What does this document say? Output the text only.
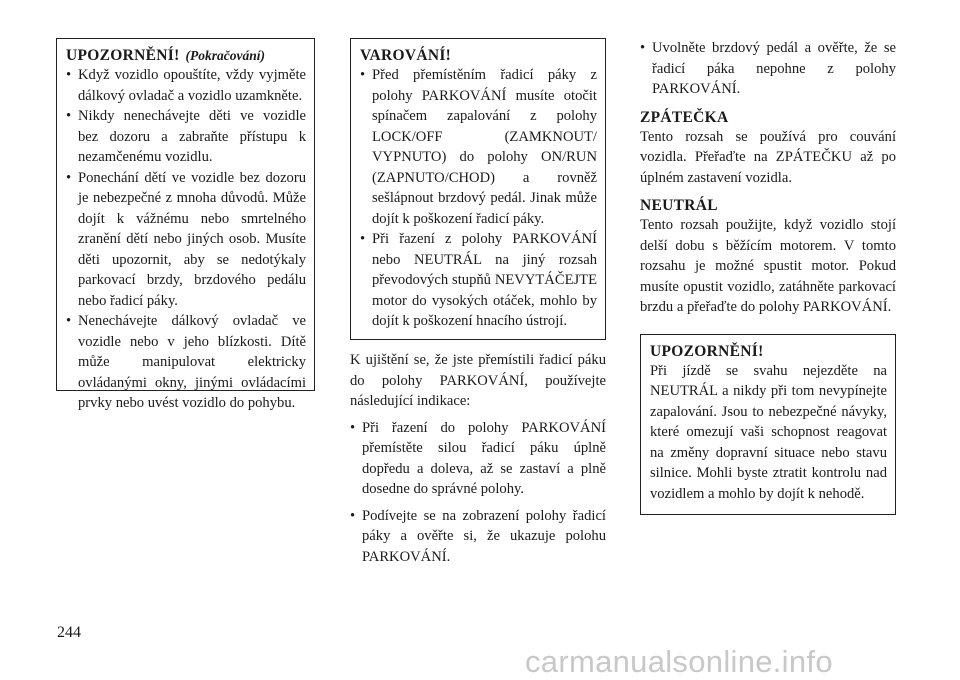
UPOZORNĚNÍ! (Pokračování)
• Když vozidlo opouštíte, vždy vyjměte dálkový ovladač a vozidlo uzamkněte.
• Nikdy nenechávejte děti ve vozidle bez dozoru a zabraňte přístupu k nezamčenému vozidlu.
• Ponechání dětí ve vozidle bez dozoru je nebezpečné z mnoha důvodů. Může dojít k vážnému nebo smrtelného zranění dětí nebo jiných osob. Musíte děti upozornit, aby se nedotýkaly parkovací brzdy, brzdového pedálu nebo řadicí páky.
• Nenechávejte dálkový ovladač ve vozidle nebo v jeho blízkosti. Dítě může manipulovat elektricky ovládanými okny, jinými ovládacími prvky nebo uvést vozidlo do pohybu.
VAROVÁNÍ!
• Před přemístěním řadicí páky z polohy PARKOVÁNÍ musíte otočit spínačem zapalování z polohy LOCK/OFF (ZAMKNOUT/ VYPNUTO) do polohy ON/RUN (ZAPNUTO/CHOD) a rovněž sešlápnout brzdový pedál. Jinak může dojít k poškození řadicí páky.
• Při řazení z polohy PARKOVÁNÍ nebo NEUTRÁL na jiný rozsah převodových stupňů NEVYTÁČEJTE motor do vysokých otáček, mohlo by dojít k poškození hnacího ústrojí.

K ujištění se, že jste přemístili řadicí páku do polohy PARKOVÁNÍ, používejte následující indikace:

• Při řazení do polohy PARKOVÁNÍ přemístěte silou řadicí páku úplně dopředu a doleva, až se zastaví a plně dosedne do správné polohy.
• Podívejte se na zobrazení polohy řadicí páky a ověřte si, že ukazuje polohu PARKOVÁNÍ.
• Uvolněte brzdový pedál a ověřte, že se řadicí páka nepohne z polohy PARKOVÁNÍ.
ZPÁTEČKA

Tento rozsah se používá pro couvání vozidla. Přeřaďte na ZPÁTEČKU až po úplném zastavení vozidla.

NEUTRÁL

Tento rozsah použijte, když vozidlo stojí delší dobu s běžícím motorem. V tomto rozsahu je možné spustit motor. Pokud musíte opustit vozidlo, zatáhněte parkovací brzdu a přeřaďte do polohy PARKOVÁNÍ.

UPOZORNĚNÍ!

Při jízdě se svahu nejezděte na NEUTRÁL a nikdy při tom nevypínejte zapalování. Jsou to nebezpečné návyky, které omezují vaši schopnost reagovat na změny dopravní situace nebo stavu silnice. Mohli byste ztratit kontrolu nad vozidlem a mohlo by dojít k nehodě.

244
carmanualsonline.info
